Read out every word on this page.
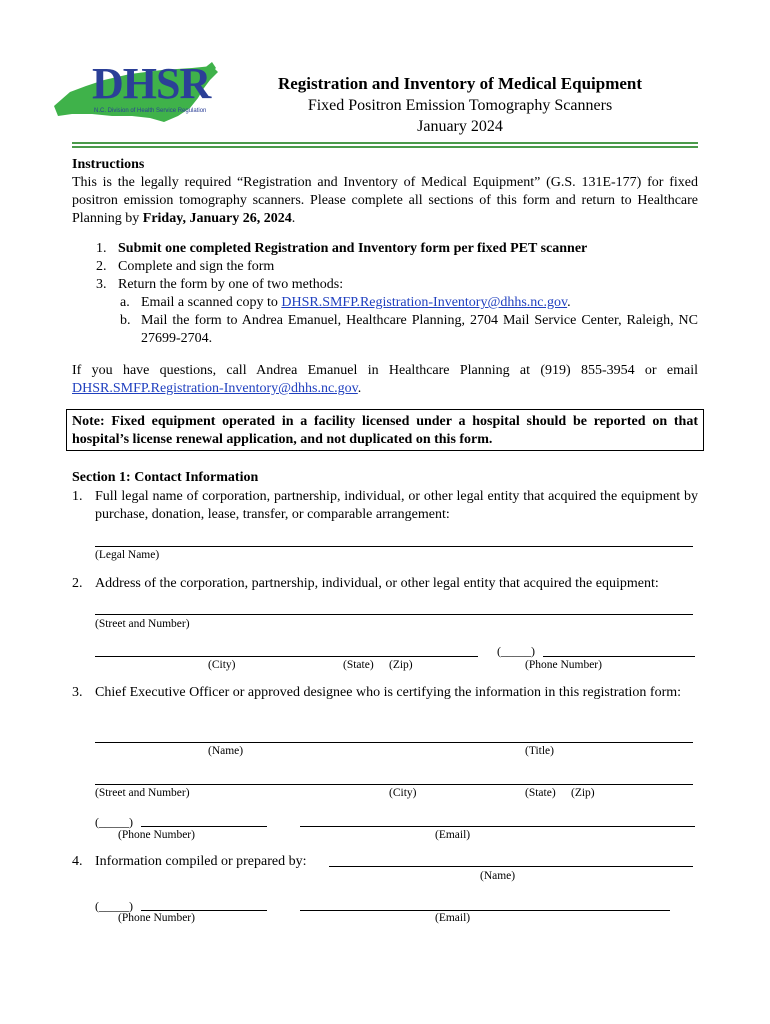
DHSR
N.C. Division of Health Service Regulation
Registration and Inventory of Medical Equipment
Fixed Positron Emission Tomography Scanners
January 2024
Instructions
This is the legally required “Registration and Inventory of Medical Equipment” (G.S. 131E-177) for fixed positron emission tomography scanners. Please complete all sections of this form and return to Healthcare Planning by Friday, January 26, 2024.
1. Submit one completed Registration and Inventory form per fixed PET scanner
2. Complete and sign the form
3. Return the form by one of two methods:
a. Email a scanned copy to DHSR.SMFP.Registration-Inventory@dhhs.nc.gov.
b. Mail the form to Andrea Emanuel, Healthcare Planning, 2704 Mail Service Center, Raleigh, NC 27699-2704.
If you have questions, call Andrea Emanuel in Healthcare Planning at (919) 855-3954 or email DHSR.SMFP.Registration-Inventory@dhhs.nc.gov.
Note: Fixed equipment operated in a facility licensed under a hospital should be reported on that hospital’s license renewal application, and not duplicated on this form.
Section 1: Contact Information
1. Full legal name of corporation, partnership, individual, or other legal entity that acquired the equipment by purchase, donation, lease, transfer, or comparable arrangement:
(Legal Name)
2. Address of the corporation, partnership, individual, or other legal entity that acquired the equipment:
(Street and Number)
(_____)
(City)	(State) (Zip)	(Phone Number)
3. Chief Executive Officer or approved designee who is certifying the information in this registration form:
(Name)	(Title)
(Street and Number)	(City)	(State) (Zip)
(_____)
(Phone Number)	(Email)
4. Information compiled or prepared by:
(Name)
(_____)
(Phone Number)	(Email)
